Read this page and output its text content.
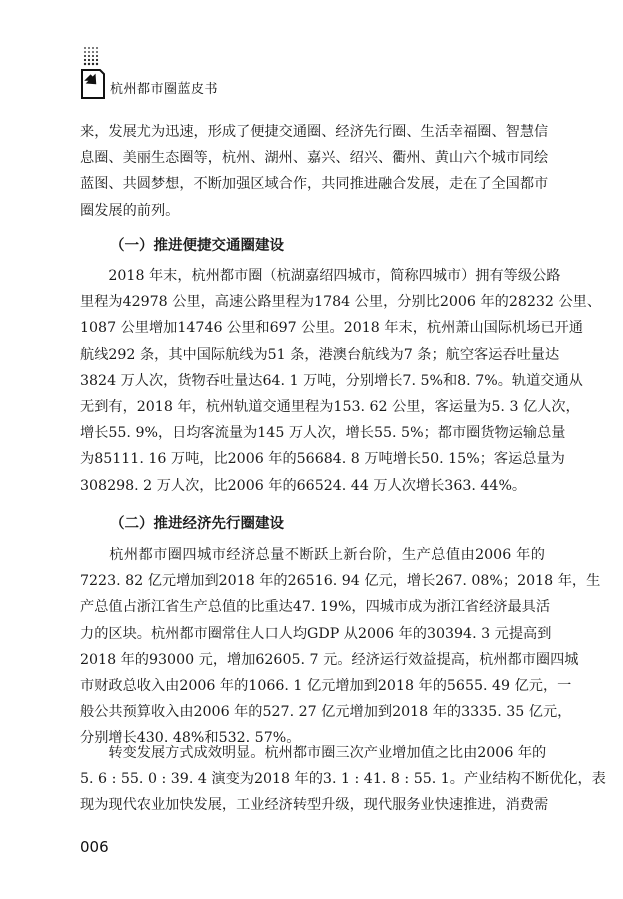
杭州都市圈蓝皮书
来，发展尤为迅速，形成了便捷交通圈、经济先行圈、生活幸福圈、智慧信
息圈、美丽生态圈等，杭州、湖州、嘉兴、绍兴、衢州、黄山六个城市同绘
蓝图、共圆梦想，不断加强区域合作，共同推进融合发展，走在了全国都市
圈发展的前列。
（一）推进便捷交通圈建设
　　2018 年末，杭州都市圈（杭湖嘉绍四城市，简称四城市）拥有等级公路
里程为42978 公里，高速公路里程为1784 公里，分别比2006 年的28232 公里、
1087 公里增加14746 公里和697 公里。2018 年末，杭州萧山国际机场已开通
航线292 条，其中国际航线为51 条，港澳台航线为7 条；航空客运吞吐量达
3824 万人次，货物吞吐量达64. 1 万吨，分别增长7. 5%和8. 7%。轨道交通从
无到有，2018 年，杭州轨道交通里程为153. 62 公里，客运量为5. 3 亿人次，
增长55. 9%，日均客流量为145 万人次，增长55. 5%；都市圈货物运输总量
为85111. 16 万吨，比2006 年的56684. 8 万吨增长50. 15%；客运总量为
308298. 2 万人次，比2006 年的66524. 44 万人次增长363. 44%。
（二）推进经济先行圈建设
　　杭州都市圈四城市经济总量不断跃上新台阶，生产总值由2006 年的
7223. 82 亿元增加到2018 年的26516. 94 亿元，增长267. 08%；2018 年，生
产总值占浙江省生产总值的比重达47. 19%，四城市成为浙江省经济最具活
力的区块。杭州都市圈常住人口人均GDP 从2006 年的30394. 3 元提高到
2018 年的93000 元，增加62605. 7 元。经济运行效益提高，杭州都市圈四城
市财政总收入由2006 年的1066. 1 亿元增加到2018 年的5655. 49 亿元，一
般公共预算收入由2006 年的527. 27 亿元增加到2018 年的3335. 35 亿元，
分别增长430. 48%和532. 57%。
　　转变发展方式成效明显。杭州都市圈三次产业增加值之比由2006 年的
5. 6 : 55. 0 : 39. 4 演变为2018 年的3. 1 : 41. 8 : 55. 1。产业结构不断优化，表
现为现代农业加快发展，工业经济转型升级，现代服务业快速推进，消费需
006
